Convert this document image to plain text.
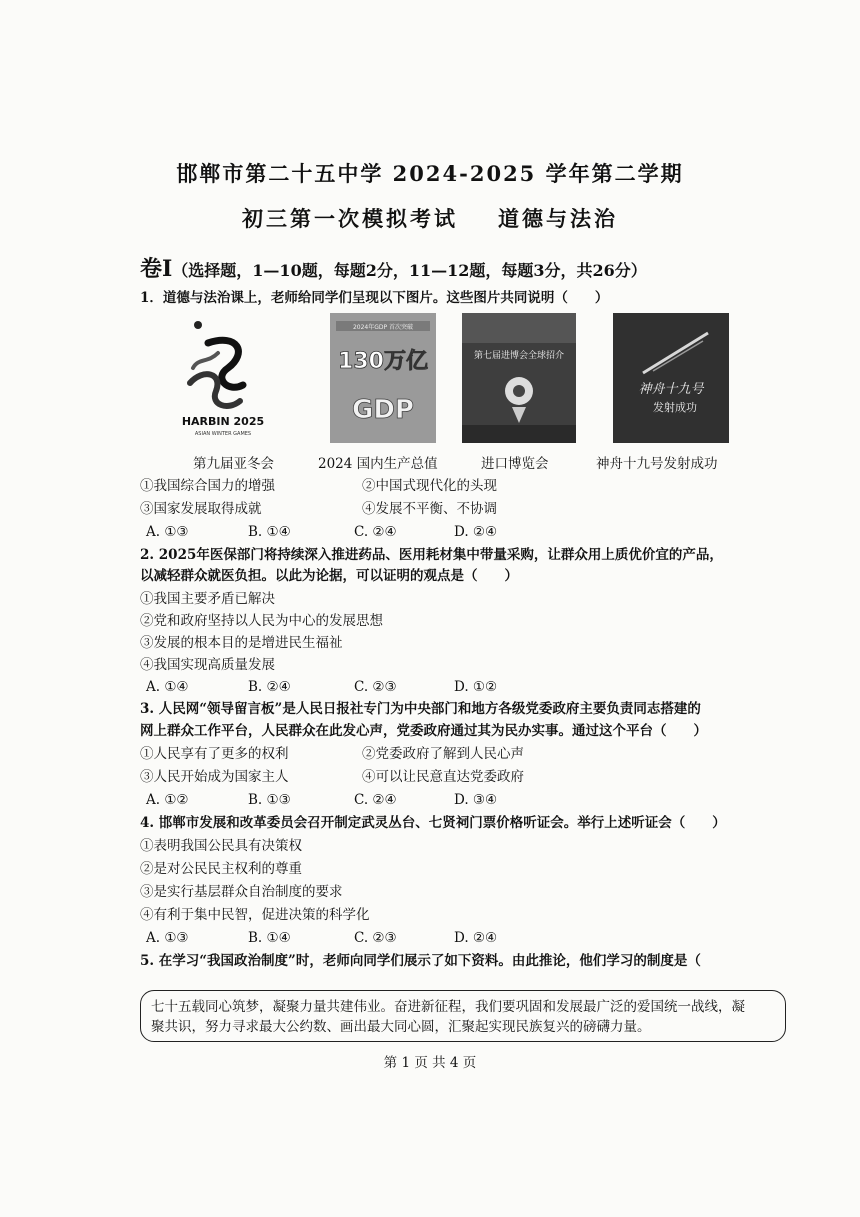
邯郸市第二十五中学 2024-2025 学年第二学期
初三第一次模拟考试 道德与法治
卷Ⅰ（选择题，1—10题，每题2分，11—12题，每题3分，共26分）
1．道德与法治课上，老师给同学们呈现以下图片。这些图片共同说明（　　）
HARBIN 2025
ASIAN WINTER GAMES
2024年GDP 首次突破
130万亿
GDP
第七届进博会全球招介
神舟十九号
发射成功
第九届亚冬会	2024 国内生产总值	进口博览会	神舟十九号发射成功
①我国综合国力的增强	②中国式现代化的头现
③国家发展取得成就	④发展不平衡、不协调
A. ①③	B. ①④	C. ②④	D. ②④
2. 2025年医保部门将持续深入推进药品、医用耗材集中带量采购，让群众用上质优价宜的产品，
以减轻群众就医负担。以此为论据，可以证明的观点是（　　）
①我国主要矛盾已解决
②党和政府坚持以人民为中心的发展思想
③发展的根本目的是增进民生福祉
④我国实现高质量发展
A. ①④	B. ②④	C. ②③	D. ①②
3. 人民网“领导留言板”是人民日报社专门为中央部门和地方各级党委政府主要负责同志搭建的
网上群众工作平台，人民群众在此发心声，党委政府通过其为民办实事。通过这个平台（　　）
①人民享有了更多的权利	②党委政府了解到人民心声
③人民开始成为国家主人	④可以让民意直达党委政府
A. ①②	B. ①③	C. ②④	D. ③④
4. 邯郸市发展和改革委员会召开制定武灵丛台、七贤祠门票价格听证会。举行上述听证会（　　）
①表明我国公民具有决策权
②是对公民民主权利的尊重
③是实行基层群众自治制度的要求
④有利于集中民智，促进决策的科学化
A. ①③	B. ①④	C. ②③	D. ②④
5. 在学习“我国政治制度”时，老师向同学们展示了如下资料。由此推论，他们学习的制度是（
七十五载同心筑梦，凝聚力量共建伟业。奋进新征程，我们要巩固和发展最广泛的爱国统一战线，凝
聚共识，努力寻求最大公约数、画出最大同心圆，汇聚起实现民族复兴的磅礴力量。
第 1 页 共 4 页
